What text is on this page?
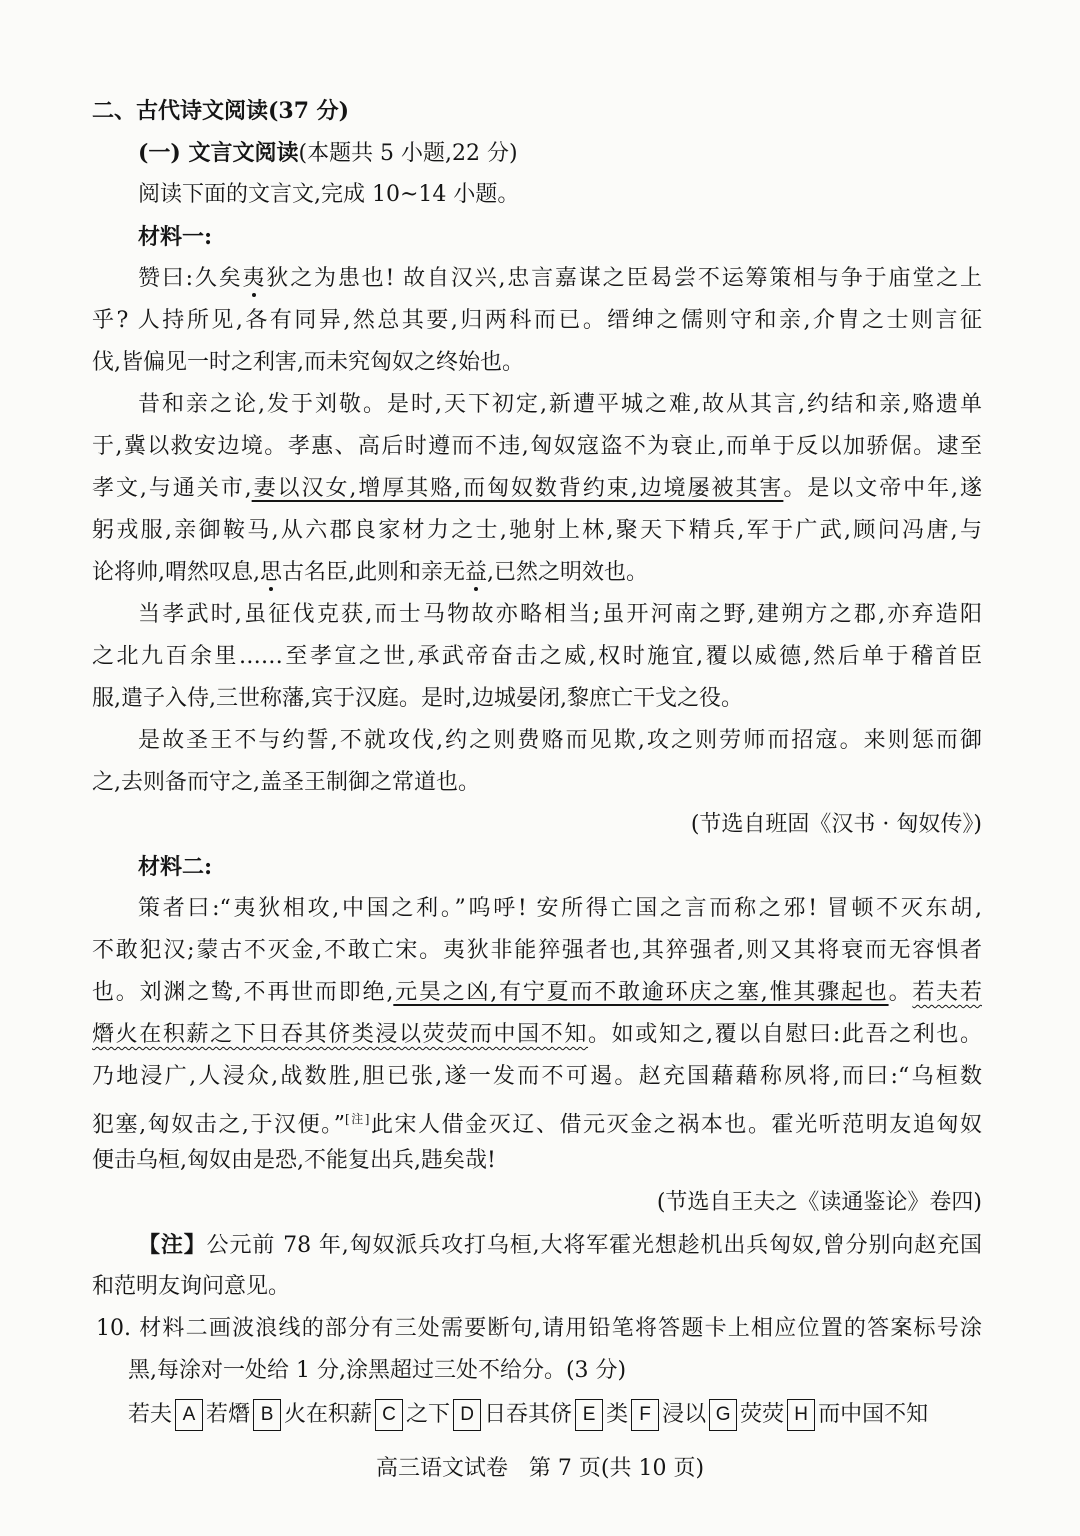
二、古代诗文阅读(37 分)
(一) 文言文阅读(本题共 5 小题,22 分)
阅读下面的文言文,完成 10~14 小题。
材料一:
赞曰:久矣夷狄之为患也! 故自汉兴,忠言嘉谋之臣曷尝不运筹策相与争于庙堂之上
乎? 人持所见,各有同异,然总其要,归两科而已。缙绅之儒则守和亲,介胄之士则言征
伐,皆偏见一时之利害,而未究匈奴之终始也。
昔和亲之论,发于刘敬。是时,天下初定,新遭平城之难,故从其言,约结和亲,赂遗单
于,冀以救安边境。孝惠、高后时遵而不违,匈奴寇盗不为衰止,而单于反以加骄倨。逮至
孝文,与通关市,妻以汉女,增厚其赂,而匈奴数背约束,边境屡被其害。是以文帝中年,遂
躬戎服,亲御鞍马,从六郡良家材力之士,驰射上林,聚天下精兵,军于广武,顾问冯唐,与
论将帅,喟然叹息,思古名臣,此则和亲无益,已然之明效也。
当孝武时,虽征伐克获,而士马物故亦略相当;虽开河南之野,建朔方之郡,亦弃造阳
之北九百余里……至孝宣之世,承武帝奋击之威,权时施宜,覆以威德,然后单于稽首臣
服,遣子入侍,三世称藩,宾于汉庭。是时,边城晏闭,黎庶亡干戈之役。
是故圣王不与约誓,不就攻伐,约之则费赂而见欺,攻之则劳师而招寇。来则惩而御
之,去则备而守之,盖圣王制御之常道也。
(节选自班固《汉书 · 匈奴传》)
材料二:
策者曰:“夷狄相攻,中国之利。”呜呼! 安所得亡国之言而称之邪! 冒顿不灭东胡,
不敢犯汉;蒙古不灭金,不敢亡宋。夷狄非能猝强者也,其猝强者,则又其将衰而无容惧者
也。刘渊之鸷,不再世而即绝,元昊之凶,有宁夏而不敢逾环庆之塞,惟其骤起也。若夫若
熸火在积薪之下日吞其侪类浸以荧荧而中国不知。如或知之,覆以自慰曰:此吾之利也。
乃地浸广,人浸众,战数胜,胆已张,遂一发而不可遏。赵充国藉藉称夙将,而曰:“乌桓数
犯塞,匈奴击之,于汉便。”[注]此宋人借金灭辽、借元灭金之祸本也。霍光听范明友追匈奴
便击乌桓,匈奴由是恐,不能复出兵,韪矣哉!
(节选自王夫之《读通鉴论》卷四)
【注】公元前 78 年,匈奴派兵攻打乌桓,大将军霍光想趁机出兵匈奴,曾分别向赵充国
和范明友询问意见。
10. 材料二画波浪线的部分有三处需要断句,请用铅笔将答题卡上相应位置的答案标号涂
黑,每涂对一处给 1 分,涂黑超过三处不给分。(3 分)
若夫 A 若熸 B 火在积薪 C 之下 D 日吞其侪 E 类 F 浸以 G 荧荧 H 而中国不知
高三语文试卷   第 7 页(共 10 页)
